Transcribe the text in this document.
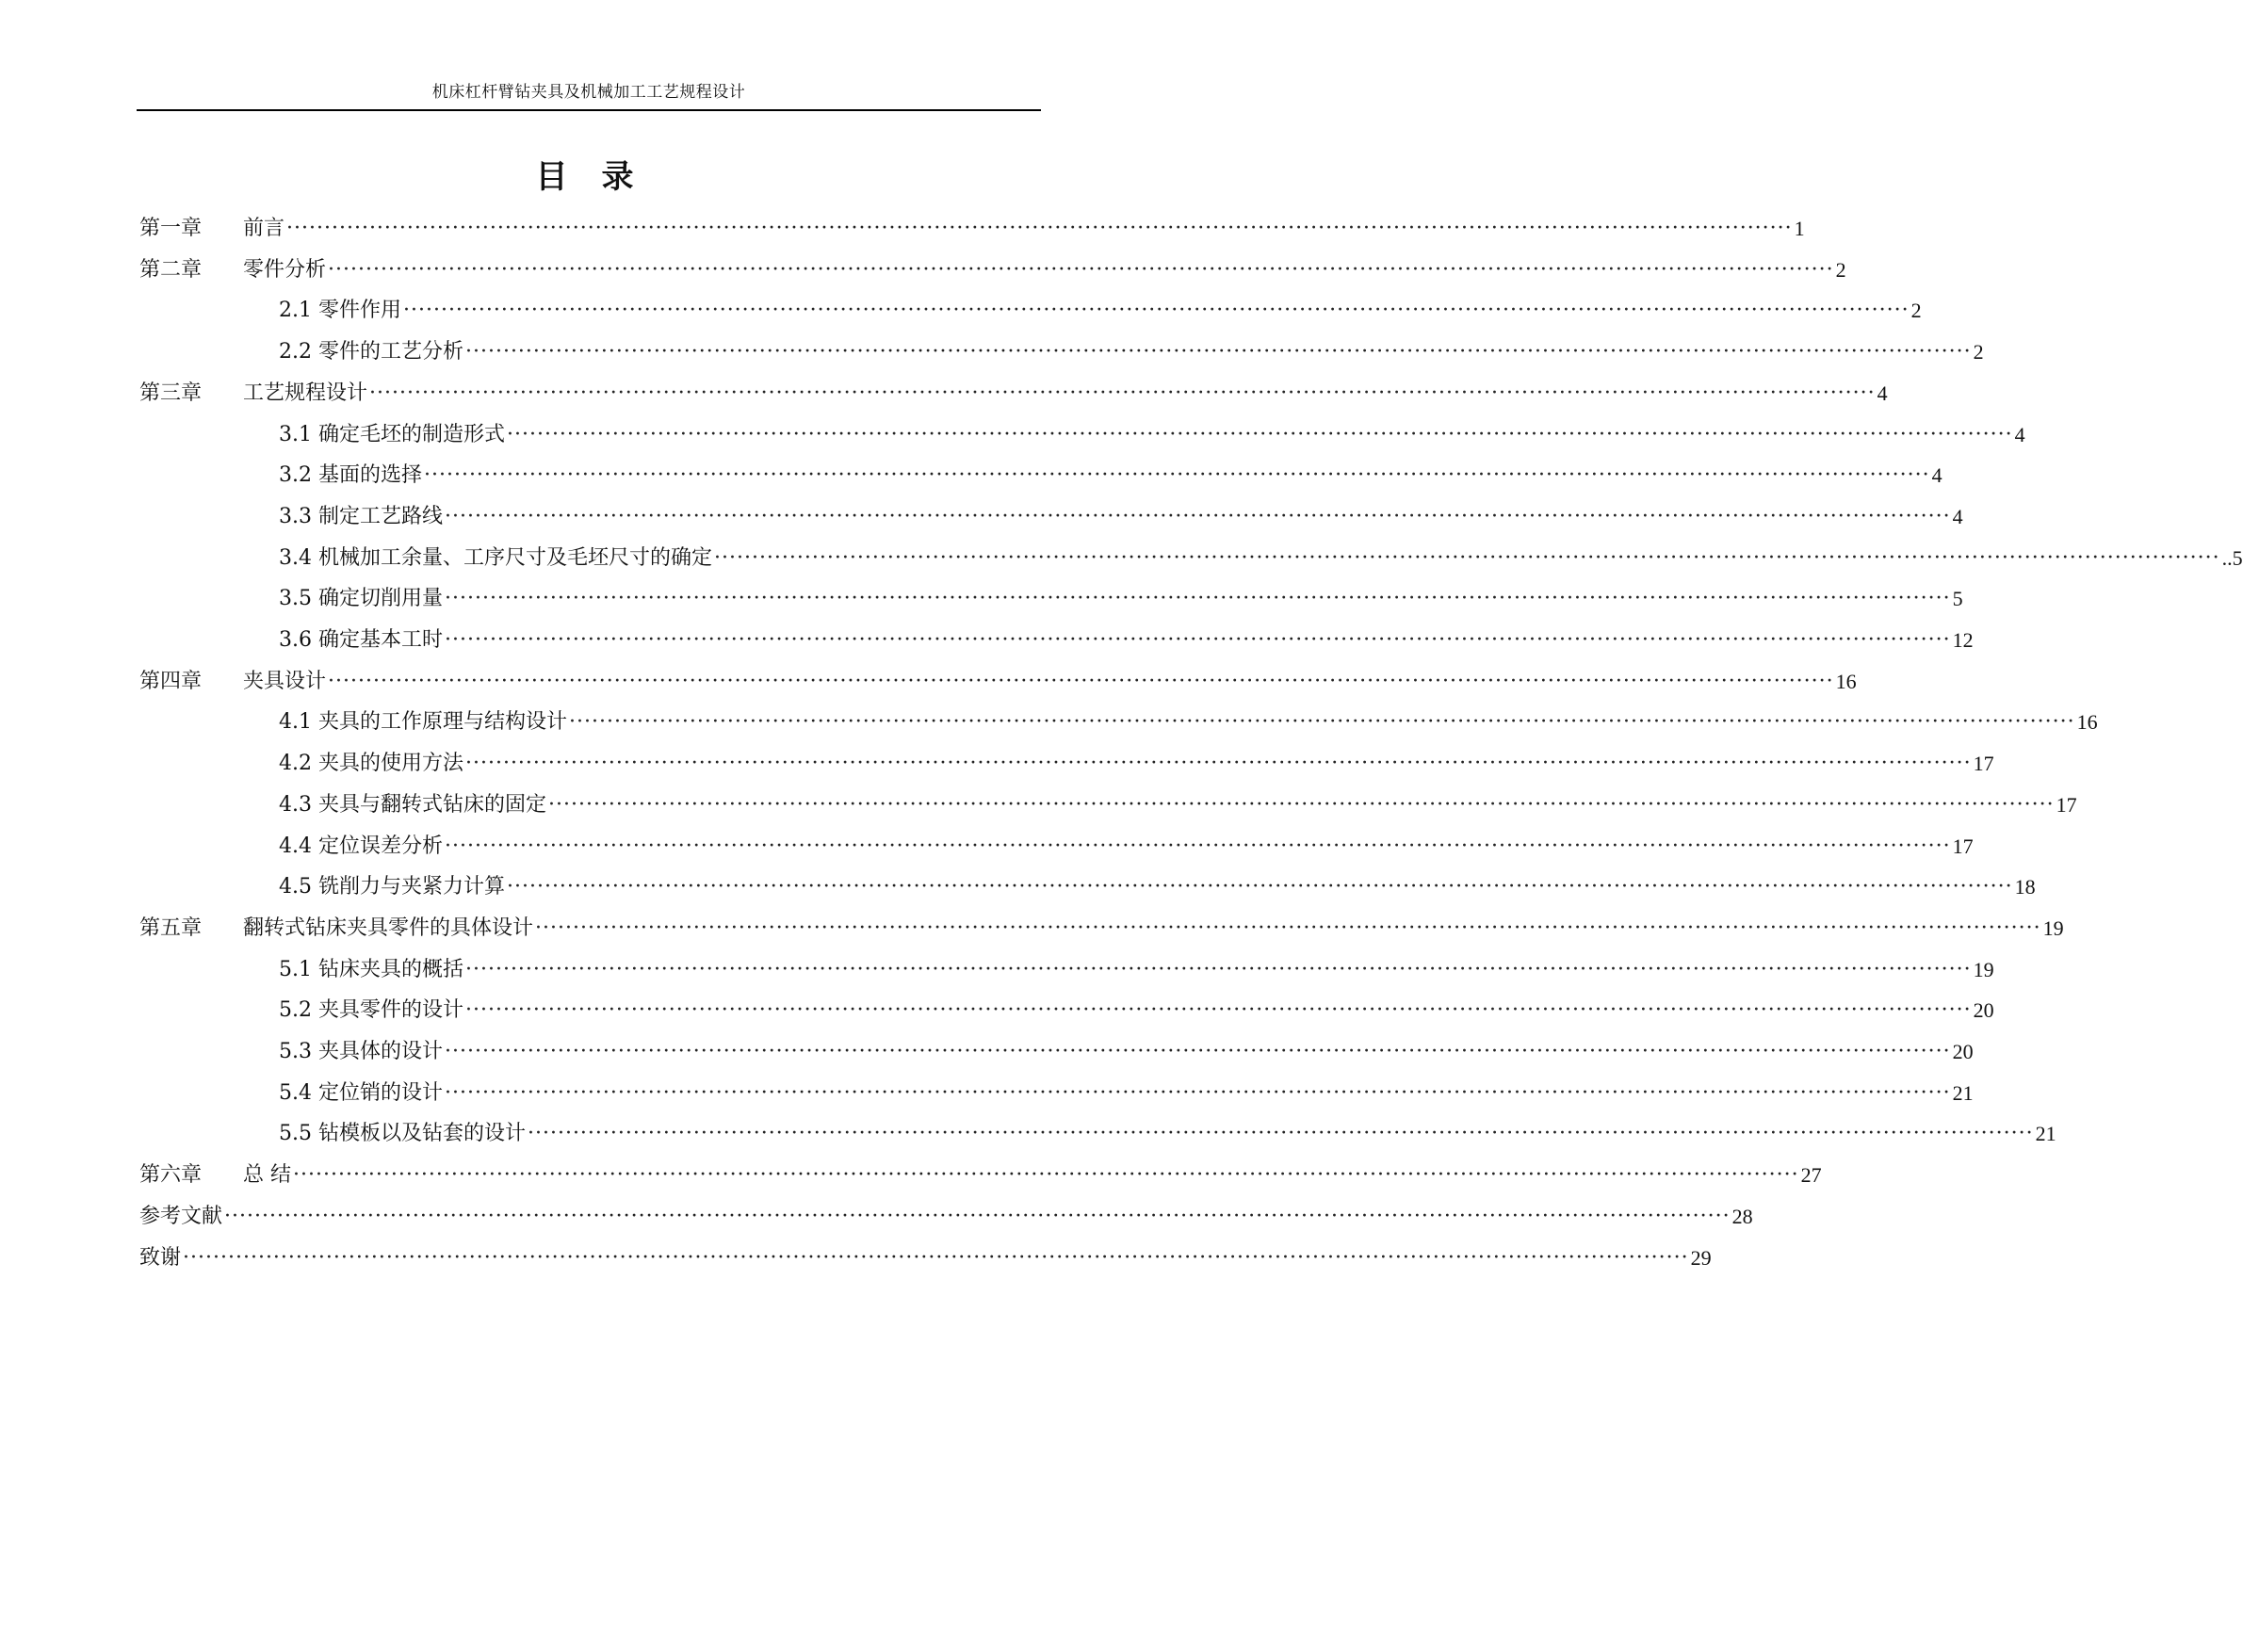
机床杠杆臂钻夹具及机械加工工艺规程设计
目录
第一章 前言 ········································································································································································································ 1
第二章 零件分析 ········································································································································································································ 2
2.1 零件作用 ········································································································································································································ 2
2.2 零件的工艺分析 ········································································································································································································ 2
第三章 工艺规程设计 ········································································································································································································ 4
3.1 确定毛坯的制造形式 ········································································································································································································ 4
3.2 基面的选择 ········································································································································································································ 4
3.3 制定工艺路线 ········································································································································································································ 4
3.4 机械加工余量、工序尺寸及毛坯尺寸的确定 ········································································································································································································ ..5
3.5 确定切削用量 ········································································································································································································ 5
3.6 确定基本工时 ········································································································································································································ 12
第四章 夹具设计 ········································································································································································································ 16
4.1 夹具的工作原理与结构设计 ········································································································································································································ 16
4.2 夹具的使用方法 ········································································································································································································ 17
4.3 夹具与翻转式钻床的固定 ········································································································································································································ 17
4.4 定位误差分析 ········································································································································································································ 17
4.5 铣削力与夹紧力计算 ········································································································································································································ 18
第五章 翻转式钻床夹具零件的具体设计 ········································································································································································································ 19
5.1 钻床夹具的概括 ········································································································································································································ 19
5.2 夹具零件的设计 ········································································································································································································ 20
5.3 夹具体的设计 ········································································································································································································ 20
5.4 定位销的设计 ········································································································································································································ 21
5.5 钻模板以及钻套的设计 ········································································································································································································ 21
第六章 总 结 ········································································································································································································ 27
参考文献 ········································································································································································································ 28
致谢 ········································································································································································································ 29
